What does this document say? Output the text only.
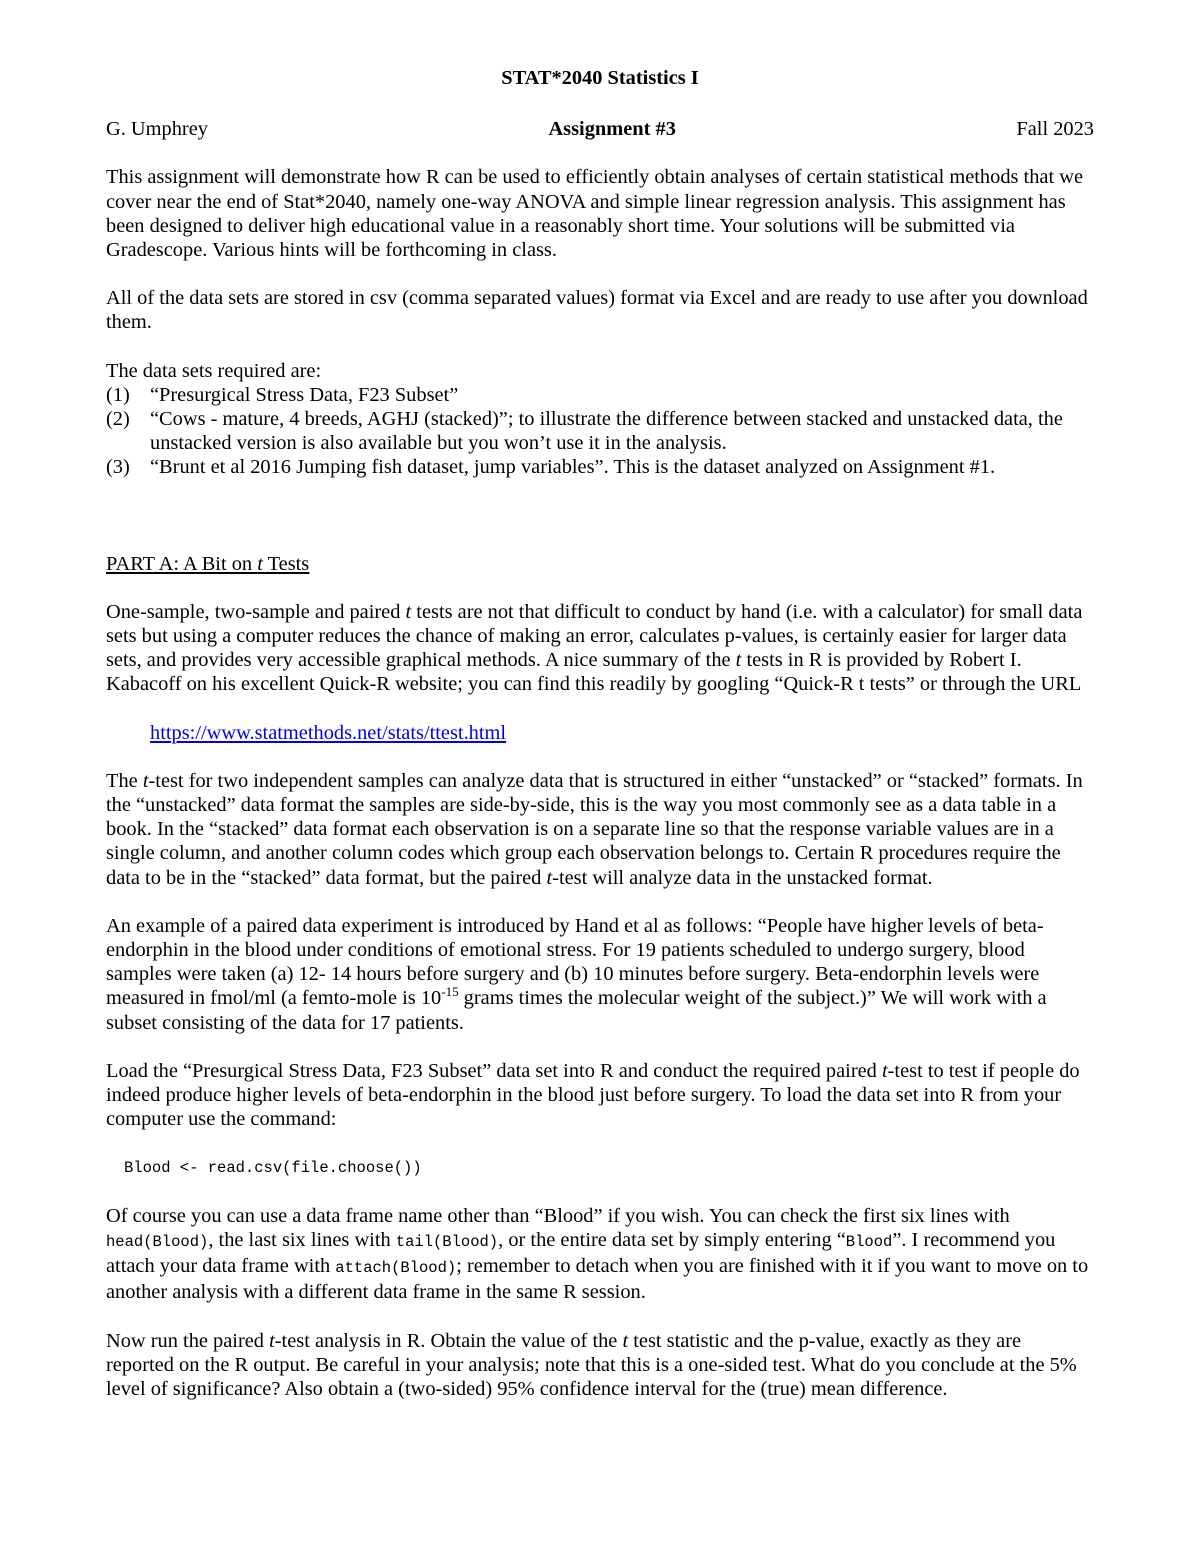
STAT*2040 Statistics I
G. Umphrey	Assignment #3	Fall 2023

This assignment will demonstrate how R can be used to efficiently obtain analyses of certain statistical methods that we cover near the end of Stat*2040, namely one-way ANOVA and simple linear regression analysis. This assignment has been designed to deliver high educational value in a reasonably short time. Your solutions will be submitted via Gradescope. Various hints will be forthcoming in class.

All of the data sets are stored in csv (comma separated values) format via Excel and are ready to use after you download them.

The data sets required are:

(1) “Presurgical Stress Data, F23 Subset”
(2) “Cows - mature, 4 breeds, AGHJ (stacked)”; to illustrate the difference between stacked and unstacked data, the unstacked version is also available but you won’t use it in the analysis.
(3) “Brunt et al 2016 Jumping fish dataset, jump variables”. This is the dataset analyzed on Assignment #1.
PART A: A Bit on t Tests

One-sample, two-sample and paired t tests are not that difficult to conduct by hand (i.e. with a calculator) for small data sets but using a computer reduces the chance of making an error, calculates p-values, is certainly easier for larger data sets, and provides very accessible graphical methods. A nice summary of the t tests in R is provided by Robert I. Kabacoff on his excellent Quick-R website; you can find this readily by googling “Quick-R t tests” or through the URL

https://www.statmethods.net/stats/ttest.html

The t-test for two independent samples can analyze data that is structured in either “unstacked” or “stacked” formats. In the “unstacked” data format the samples are side-by-side, this is the way you most commonly see as a data table in a book. In the “stacked” data format each observation is on a separate line so that the response variable values are in a single column, and another column codes which group each observation belongs to. Certain R procedures require the data to be in the “stacked” data format, but the paired t-test will analyze data in the unstacked format.

An example of a paired data experiment is introduced by Hand et al as follows: “People have higher levels of beta-endorphin in the blood under conditions of emotional stress. For 19 patients scheduled to undergo surgery, blood samples were taken (a) 12- 14 hours before surgery and (b) 10 minutes before surgery. Beta-endorphin levels were measured in fmol/ml (a femto-mole is $10^{-15}$ grams times the molecular weight of the subject.)” We will work with a subset consisting of the data for 17 patients.

Load the “Presurgical Stress Data, F23 Subset” data set into R and conduct the required paired t-test to test if people do indeed produce higher levels of beta-endorphin in the blood just before surgery. To load the data set into R from your computer use the command:

Blood <- read.csv(file.choose())

Of course you can use a data frame name other than “Blood” if you wish. You can check the first six lines with head(Blood), the last six lines with tail(Blood), or the entire data set by simply entering “Blood”. I recommend you attach your data frame with attach(Blood); remember to detach when you are finished with it if you want to move on to another analysis with a different data frame in the same R session.

Now run the paired t-test analysis in R. Obtain the value of the t test statistic and the p-value, exactly as they are reported on the R output. Be careful in your analysis; note that this is a one-sided test. What do you conclude at the 5% level of significance? Also obtain a (two-sided) 95% confidence interval for the (true) mean difference.
